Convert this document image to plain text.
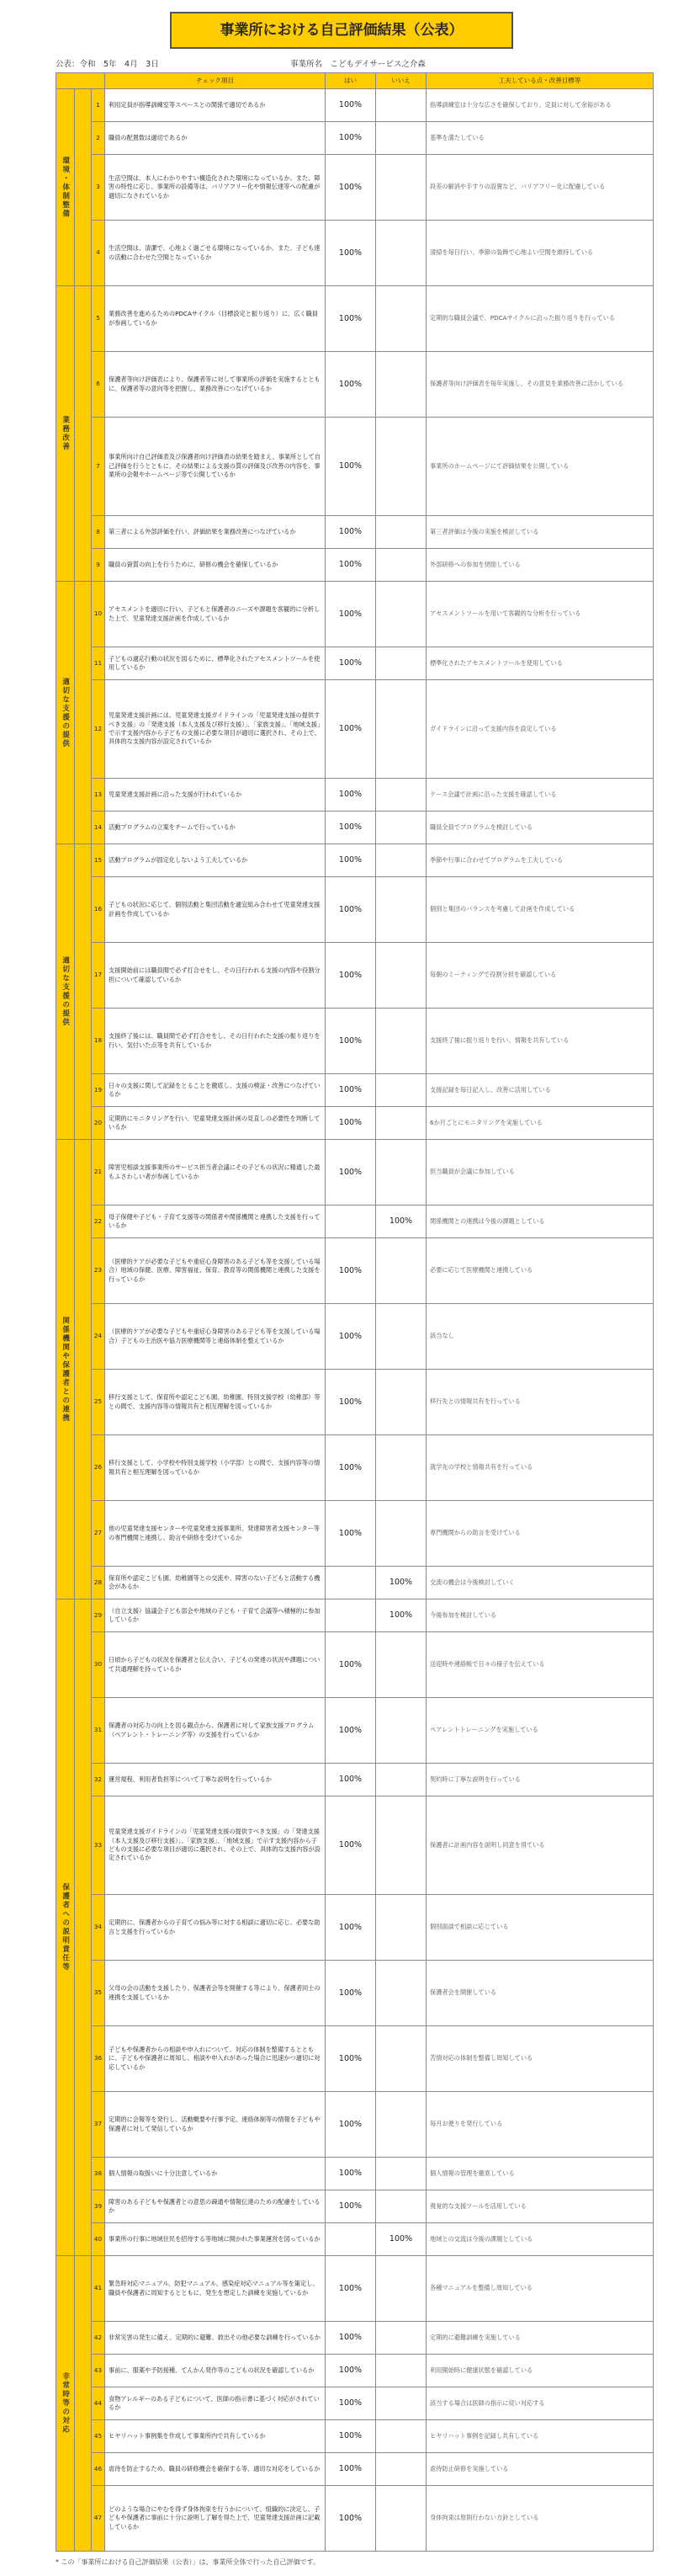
事業所における自己評価結果（公表）
公表：令和　5年　4月　3日	事業所名　こどもデイサービス之介森
			チェック項目	はい	いいえ	工夫している点・改善目標等
環境・体制整備		1	利用定員が指導訓練室等スペースとの関係で適切であるか	100%		指導訓練室は十分な広さを確保しており、定員に対して余裕がある
		2	職員の配置数は適切であるか	100%		基準を満たしている
		3	生活空間は、本人にわかりやすい構造化された環境になっているか。また、障害の特性に応じ、事業所の設備等は、バリアフリー化や情報伝達等への配慮が適切になされているか	100%		段差の解消や手すりの設置など、バリアフリー化に配慮している
		4	生活空間は、清潔で、心地よく過ごせる環境になっているか。また、子ども達の活動に合わせた空間となっているか	100%		清掃を毎日行い、季節の装飾で心地よい空間を維持している
業務改善		5	業務改善を進めるためのPDCAサイクル（目標設定と振り返り）に、広く職員が参画しているか	100%		定期的な職員会議で、PDCAサイクルに沿った振り返りを行っている
		6	保護者等向け評価表により、保護者等に対して事業所の評価を実施するとともに、保護者等の意向等を把握し、業務改善につなげているか	100%		保護者等向け評価表を毎年実施し、その意見を業務改善に活かしている
		7	事業所向け自己評価表及び保護者向け評価表の結果を踏まえ、事業所として自己評価を行うとともに、その結果による支援の質の評価及び改善の内容を、事業所の会報やホームページ等で公開しているか	100%		事業所のホームページにて評価結果を公開している
		8	第三者による外部評価を行い、評価結果を業務改善につなげているか	100%		第三者評価は今後の実施を検討している
		9	職員の資質の向上を行うために、研修の機会を確保しているか	100%		外部研修への参加を奨励している
適切な支援の提供		10	アセスメントを適切に行い、子どもと保護者のニーズや課題を客観的に分析した上で、児童発達支援計画を作成しているか	100%		アセスメントツールを用いて客観的な分析を行っている
		11	子どもの適応行動の状況を図るために、標準化されたアセスメントツールを使用しているか	100%		標準化されたアセスメントツールを使用している
		12	児童発達支援計画には、児童発達支援ガイドラインの「児童発達支援の提供すべき支援」の「発達支援（本人支援及び移行支援）」、「家族支援」、「地域支援」で示す支援内容から子どもの支援に必要な項目が適切に選択され、その上で、具体的な支援内容が設定されているか	100%		ガイドラインに沿って支援内容を設定している
		13	児童発達支援計画に沿った支援が行われているか	100%		ケース会議で計画に沿った支援を確認している
		14	活動プログラムの立案をチームで行っているか	100%		職員全員でプログラムを検討している
適切な支援の提供		15	活動プログラムが固定化しないよう工夫しているか	100%		季節や行事に合わせてプログラムを工夫している
		16	子どもの状況に応じて、個別活動と集団活動を適宜組み合わせて児童発達支援計画を作成しているか	100%		個別と集団のバランスを考慮して計画を作成している
		17	支援開始前には職員間で必ず打合せをし、その日行われる支援の内容や役割分担について確認しているか	100%		毎朝のミーティングで役割分担を確認している
		18	支援終了後には、職員間で必ず打合せをし、その日行われた支援の振り返りを行い、気付いた点等を共有しているか	100%		支援終了後に振り返りを行い、情報を共有している
		19	日々の支援に関して記録をとることを徹底し、支援の検証・改善につなげているか	100%		支援記録を毎日記入し、改善に活用している
		20	定期的にモニタリングを行い、児童発達支援計画の見直しの必要性を判断しているか	100%		6か月ごとにモニタリングを実施している
関係機関や保護者との連携		21	障害児相談支援事業所のサービス担当者会議にその子どもの状況に精通した最もふさわしい者が参画しているか	100%		担当職員が会議に参加している
		22	母子保健や子ども・子育て支援等の関係者や関係機関と連携した支援を行っているか		100%	関係機関との連携は今後の課題としている
		23	（医療的ケアが必要な子どもや重症心身障害のある子ども等を支援している場合）地域の保健、医療、障害福祉、保育、教育等の関係機関と連携した支援を行っているか	100%		必要に応じて医療機関と連携している
		24	（医療的ケアが必要な子どもや重症心身障害のある子ども等を支援している場合）子どもの主治医や協力医療機関等と連絡体制を整えているか	100%		該当なし
		25	移行支援として、保育所や認定こども園、幼稚園、特別支援学校（幼稚部）等との間で、支援内容等の情報共有と相互理解を図っているか	100%		移行先との情報共有を行っている
		26	移行支援として、小学校や特別支援学校（小学部）との間で、支援内容等の情報共有と相互理解を図っているか	100%		就学先の学校と情報共有を行っている
		27	他の児童発達支援センターや児童発達支援事業所、発達障害者支援センター等の専門機関と連携し、助言や研修を受けているか	100%		専門機関からの助言を受けている
		28	保育所や認定こども園、幼稚園等との交流や、障害のない子どもと活動する機会があるか		100%	交流の機会は今後検討していく
保護者への説明責任等		29	（自立支援）協議会子ども部会や地域の子ども・子育て会議等へ積極的に参加しているか		100%	今後参加を検討している
		30	日頃から子どもの状況を保護者と伝え合い、子どもの発達の状況や課題について共通理解を持っているか	100%		送迎時や連絡帳で日々の様子を伝えている
		31	保護者の対応力の向上を図る観点から、保護者に対して家族支援プログラム（ペアレント・トレーニング等）の支援を行っているか	100%		ペアレントトレーニングを実施している
		32	運営規程、利用者負担等について丁寧な説明を行っているか	100%		契約時に丁寧な説明を行っている
		33	児童発達支援ガイドラインの「児童発達支援の提供すべき支援」の「発達支援（本人支援及び移行支援）」、「家族支援」、「地域支援」で示す支援内容から子どもの支援に必要な項目が適切に選択され、その上で、具体的な支援内容が設定されているか	100%		保護者に計画内容を説明し同意を得ている
		34	定期的に、保護者からの子育ての悩み等に対する相談に適切に応じ、必要な助言と支援を行っているか	100%		個別面談で相談に応じている
		35	父母の会の活動を支援したり、保護者会等を開催する等により、保護者同士の連携を支援しているか	100%		保護者会を開催している
		36	子どもや保護者からの相談や申入れについて、対応の体制を整備するとともに、子どもや保護者に周知し、相談や申入れがあった場合に迅速かつ適切に対応しているか	100%		苦情対応の体制を整備し周知している
		37	定期的に会報等を発行し、活動概要や行事予定、連絡体制等の情報を子どもや保護者に対して発信しているか	100%		毎月お便りを発行している
		38	個人情報の取扱いに十分注意しているか	100%		個人情報の管理を徹底している
		39	障害のある子どもや保護者との意思の疎通や情報伝達のための配慮をしているか	100%		視覚的な支援ツールを活用している
		40	事業所の行事に地域住民を招待する等地域に開かれた事業運営を図っているか		100%	地域との交流は今後の課題としている
非常時等の対応		41	緊急時対応マニュアル、防犯マニュアル、感染症対応マニュアル等を策定し、職員や保護者に周知するとともに、発生を想定した訓練を実施しているか	100%		各種マニュアルを整備し周知している
		42	非常災害の発生に備え、定期的に避難、救出その他必要な訓練を行っているか	100%		定期的に避難訓練を実施している
		43	事前に、服薬や予防接種、てんかん発作等のこどもの状況を確認しているか	100%		利用開始時に健康状態を確認している
		44	食物アレルギーのある子どもについて、医師の指示書に基づく対応がされているか	100%		該当する場合は医師の指示に従い対応する
		45	ヒヤリハット事例集を作成して事業所内で共有しているか	100%		ヒヤリハット事例を記録し共有している
		46	虐待を防止するため、職員の研修機会を確保する等、適切な対応をしているか	100%		虐待防止研修を実施している
		47	どのような場合にやむを得ず身体拘束を行うかについて、組織的に決定し、子どもや保護者に事前に十分に説明し了解を得た上で、児童発達支援計画に記載しているか	100%		身体拘束は原則行わない方針としている
* この「事業所における自己評価結果（公表）」は、事業所全体で行った自己評価です。
